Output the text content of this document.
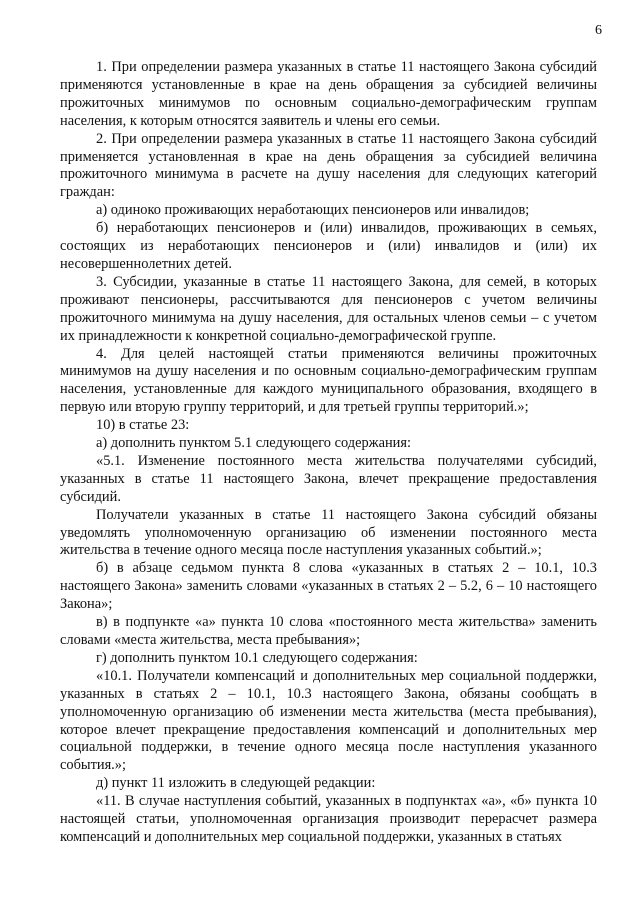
6

1. При определении размера указанных в статье 11 настоящего Закона субсидий применяются установленные в крае на день обращения за субсидией величины прожиточных минимумов по основным социально-демографическим группам населения, к которым относятся заявитель и члены его семьи.

2. При определении размера указанных в статье 11 настоящего Закона субсидий применяется установленная в крае на день обращения за субсидией величина прожиточного минимума в расчете на душу населения для следующих категорий граждан:

а) одиноко проживающих неработающих пенсионеров или инвалидов;

б) неработающих пенсионеров и (или) инвалидов, проживающих в семьях, состоящих из неработающих пенсионеров и (или) инвалидов и (или) их несовершеннолетних детей.

3. Субсидии, указанные в статье 11 настоящего Закона, для семей, в которых проживают пенсионеры, рассчитываются для пенсионеров с учетом величины прожиточного минимума на душу населения, для остальных членов семьи – с учетом их принадлежности к конкретной социально-демографической группе.

4. Для целей настоящей статьи применяются величины прожиточных минимумов на душу населения и по основным социально-демографическим группам населения, установленные для каждого муниципального образования, входящего в первую или вторую группу территорий, и для третьей группы территорий.»;

10) в статье 23:

а) дополнить пунктом 5.1 следующего содержания:

«5.1. Изменение постоянного места жительства получателями субсидий, указанных в статье 11 настоящего Закона, влечет прекращение предоставления субсидий.

Получатели указанных в статье 11 настоящего Закона субсидий обязаны уведомлять уполномоченную организацию об изменении постоянного места жительства в течение одного месяца после наступления указанных событий.»;

б) в абзаце седьмом пункта 8 слова «указанных в статьях 2 – 10.1, 10.3 настоящего Закона» заменить словами «указанных в статьях 2 – 5.2, 6 – 10 настоящего Закона»;

в) в подпункте «а» пункта 10 слова «постоянного места жительства» заменить словами «места жительства, места пребывания»;

г) дополнить пунктом 10.1 следующего содержания:

«10.1. Получатели компенсаций и дополнительных мер социальной поддержки, указанных в статьях 2 – 10.1, 10.3 настоящего Закона, обязаны сообщать в уполномоченную организацию об изменении места жительства (места пребывания), которое влечет прекращение предоставления компенсаций и дополнительных мер социальной поддержки, в течение одного месяца после наступления указанного события.»;

д) пункт 11 изложить в следующей редакции:

«11. В случае наступления событий, указанных в подпунктах «а», «б» пункта 10 настоящей статьи, уполномоченная организация производит перерасчет размера компенсаций и дополнительных мер социальной поддержки, указанных в статьях
